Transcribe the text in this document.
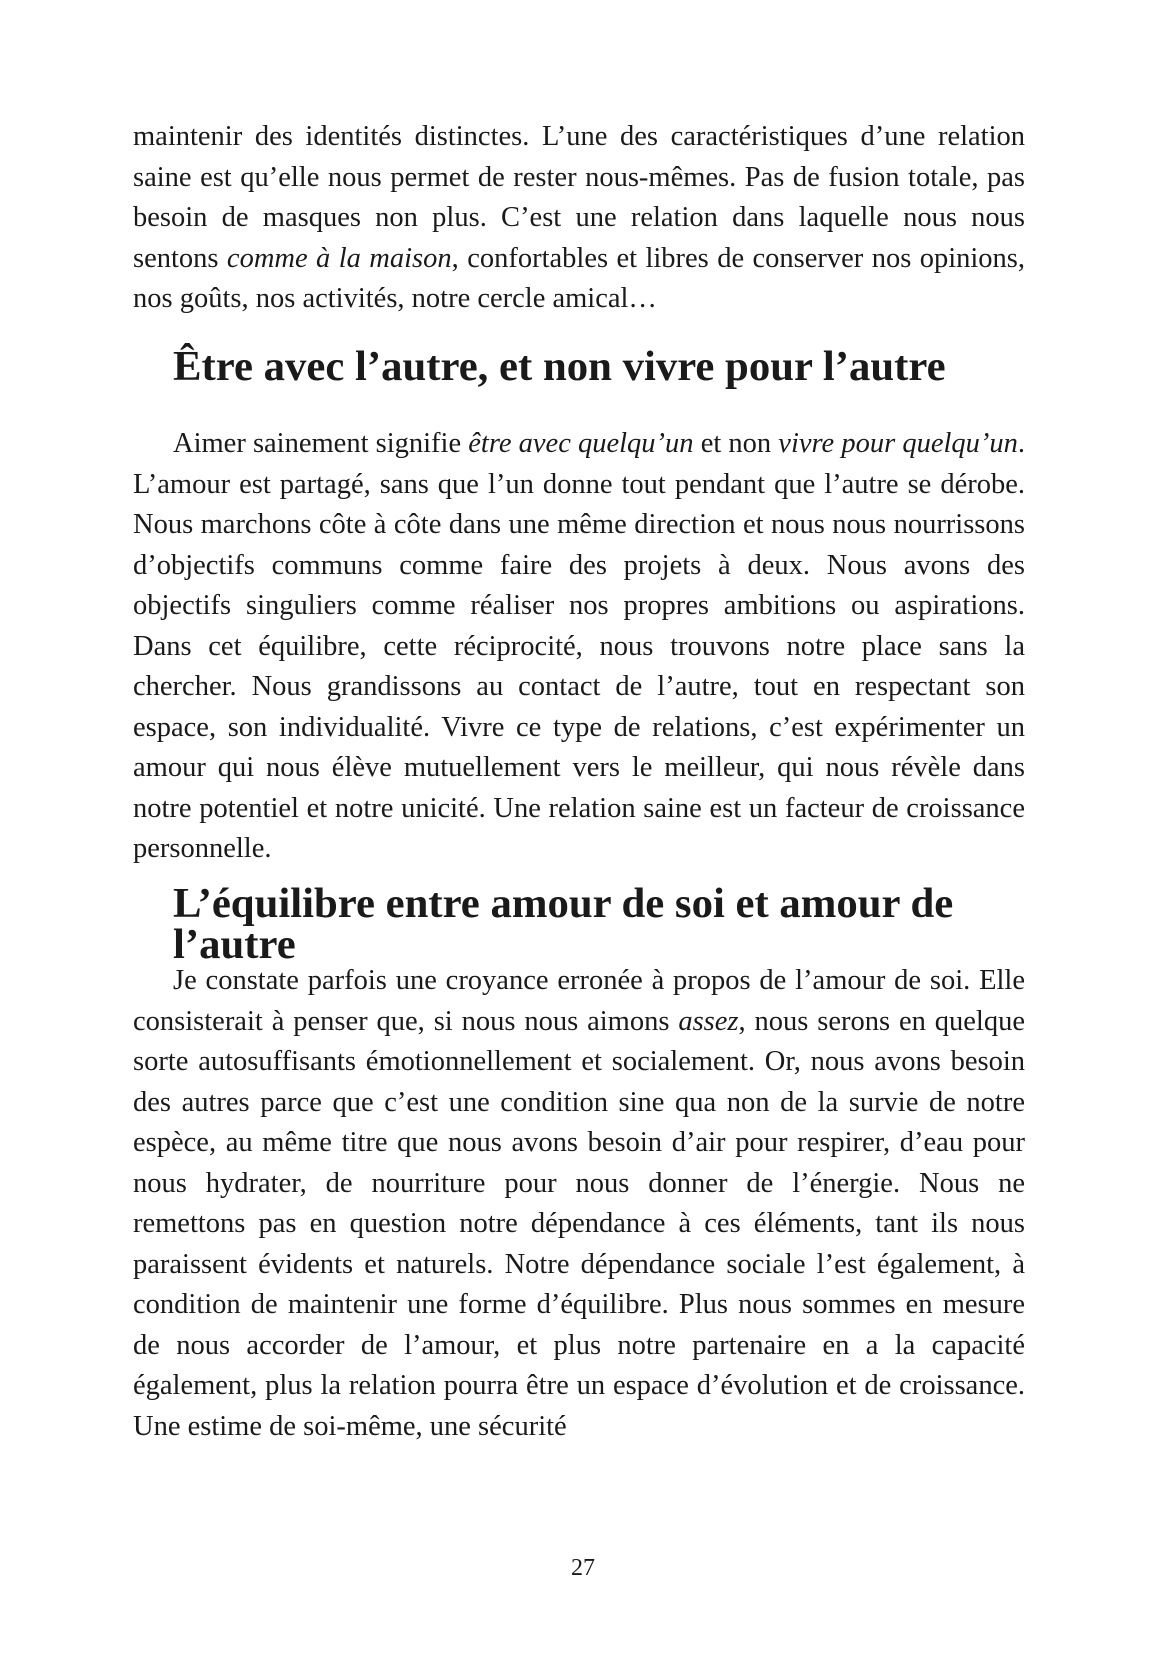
maintenir des identités distinctes. L’une des caractéristiques d’une relation saine est qu’elle nous permet de rester nous-mêmes. Pas de fusion totale, pas besoin de masques non plus. C’est une relation dans laquelle nous nous sentons comme à la maison, confortables et libres de conserver nos opinions, nos goûts, nos activités, notre cercle amical…

Être avec l’autre, et non vivre pour l’autre

Aimer sainement signifie être avec quelqu’un et non vivre pour quelqu’un. L’amour est partagé, sans que l’un donne tout pendant que l’autre se dérobe. Nous marchons côte à côte dans une même direction et nous nous nourrissons d’objectifs communs comme faire des projets à deux. Nous avons des objectifs singuliers comme réaliser nos propres ambitions ou aspirations. Dans cet équilibre, cette réciprocité, nous trouvons notre place sans la chercher. Nous grandissons au contact de l’autre, tout en respectant son espace, son individualité. Vivre ce type de relations, c’est expérimenter un amour qui nous élève mutuellement vers le meilleur, qui nous révèle dans notre potentiel et notre unicité. Une relation saine est un facteur de croissance personnelle.

L’équilibre entre amour de soi et amour de l’autre

Je constate parfois une croyance erronée à propos de l’amour de soi. Elle consisterait à penser que, si nous nous aimons assez, nous serons en quelque sorte autosuffisants émotionnellement et socialement. Or, nous avons besoin des autres parce que c’est une condition sine qua non de la survie de notre espèce, au même titre que nous avons besoin d’air pour respirer, d’eau pour nous hydrater, de nourriture pour nous donner de l’énergie. Nous ne remettons pas en question notre dépendance à ces éléments, tant ils nous paraissent évidents et naturels. Notre dépendance sociale l’est également, à condition de maintenir une forme d’équilibre. Plus nous sommes en mesure de nous accorder de l’amour, et plus notre partenaire en a la capacité également, plus la relation pourra être un espace d’évolution et de croissance. Une estime de soi-même, une sécurité

27
